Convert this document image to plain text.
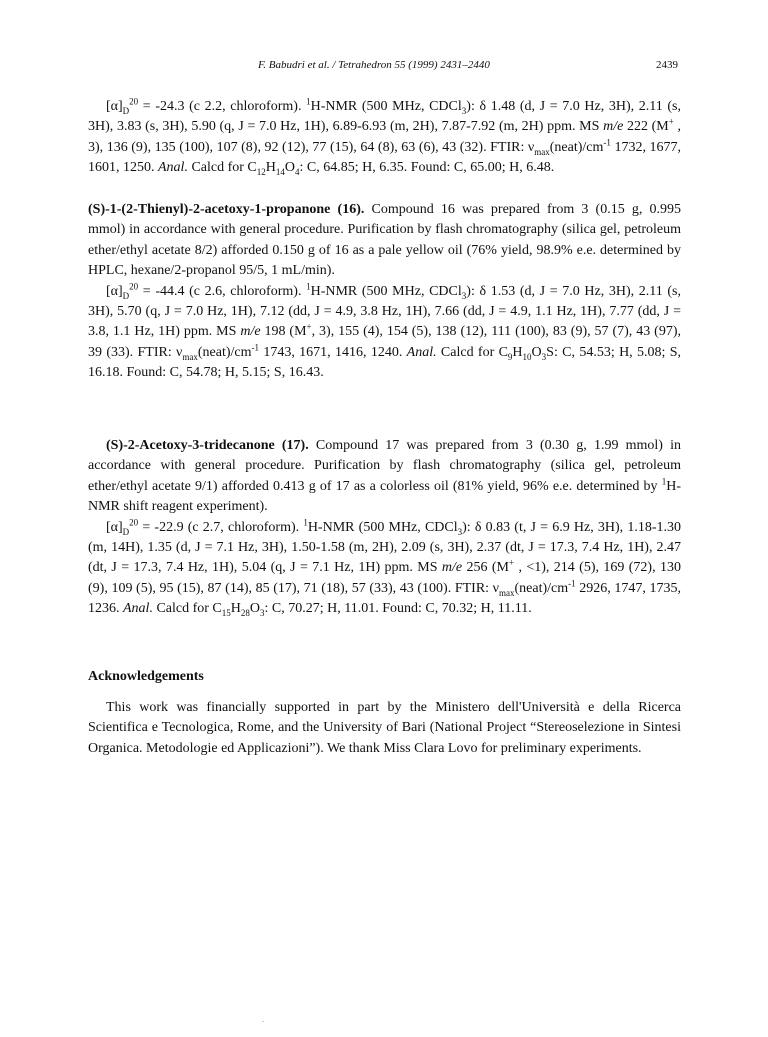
F. Babudri et al. / Tetrahedron 55 (1999) 2431–2440	2439

$[\alpha]_D^{20} = -24.3$ (c 2.2, chloroform). $^1$H-NMR (500 MHz, CDCl$_3$): δ 1.48 (d, J = 7.0 Hz, 3H), 2.11 (s, 3H), 3.83 (s, 3H), 5.90 (q, J = 7.0 Hz, 1H), 6.89-6.93 (m, 2H), 7.87-7.92 (m, 2H) ppm. MS m/e 222 (M+ , 3), 136 (9), 135 (100), 107 (8), 92 (12), 77 (15), 64 (8), 63 (6), 43 (32). FTIR: $\nu_{max}(neat)/cm^{-1}$ 1732, 1677, 1601, 1250. Anal. Calcd for $C_{12}H_{14}O_4$: C, 64.85; H, 6.35. Found: C, 65.00; H, 6.48.

(S)-1-(2-Thienyl)-2-acetoxy-1-propanone (16). Compound 16 was prepared from 3 (0.15 g, 0.995 mmol) in accordance with general procedure. Purification by flash chromatography (silica gel, petroleum ether/ethyl acetate 8/2) afforded 0.150 g of 16 as a pale yellow oil (76% yield, 98.9% e.e. determined by HPLC, hexane/2-propanol 95/5, 1 mL/min).

$[\alpha]_D^{20} = -44.4$ (c 2.6, chloroform). $^1$H-NMR (500 MHz, CDCl$_3$): δ 1.53 (d, J = 7.0 Hz, 3H), 2.11 (s, 3H), 5.70 (q, J = 7.0 Hz, 1H), 7.12 (dd, J = 4.9, 3.8 Hz, 1H), 7.66 (dd, J = 4.9, 1.1 Hz, 1H), 7.77 (dd, J = 3.8, 1.1 Hz, 1H) ppm. MS m/e 198 (M+, 3), 155 (4), 154 (5), 138 (12), 111 (100), 83 (9), 57 (7), 43 (97), 39 (33). FTIR: $\nu_{max}(neat)/cm^{-1}$ 1743, 1671, 1416, 1240. Anal. Calcd for $C_9H_{10}O_3S$: C, 54.53; H, 5.08; S, 16.18. Found: C, 54.78; H, 5.15; S, 16.43.

(S)-2-Acetoxy-3-tridecanone (17). Compound 17 was prepared from 3 (0.30 g, 1.99 mmol) in accordance with general procedure. Purification by flash chromatography (silica gel, petroleum ether/ethyl acetate 9/1) afforded 0.413 g of 17 as a colorless oil (81% yield, 96% e.e. determined by $^1$H-NMR shift reagent experiment).

$[\alpha]_D^{20} = -22.9$ (c 2.7, chloroform). $^1$H-NMR (500 MHz, CDCl$_3$): δ 0.83 (t, J = 6.9 Hz, 3H), 1.18-1.30 (m, 14H), 1.35 (d, J = 7.1 Hz, 3H), 1.50-1.58 (m, 2H), 2.09 (s, 3H), 2.37 (dt, J = 17.3, 7.4 Hz, 1H), 2.47 (dt, J = 17.3, 7.4 Hz, 1H), 5.04 (q, J = 7.1 Hz, 1H) ppm. MS m/e 256 (M+ , <1), 214 (5), 169 (72), 130 (9), 109 (5), 95 (15), 87 (14), 85 (17), 71 (18), 57 (33), 43 (100). FTIR: $\nu_{max}(neat)/cm^{-1}$ 2926, 1747, 1735, 1236. Anal. Calcd for $C_{15}H_{28}O_3$: C, 70.27; H, 11.01. Found: C, 70.32; H, 11.11.

Acknowledgements

This work was financially supported in part by the Ministero dell'Università e della Ricerca Scientifica e Tecnologica, Rome, and the University of Bari (National Project “Stereoselezione in Sintesi Organica. Metodologie ed Applicazioni”). We thank Miss Clara Lovo for preliminary experiments.
